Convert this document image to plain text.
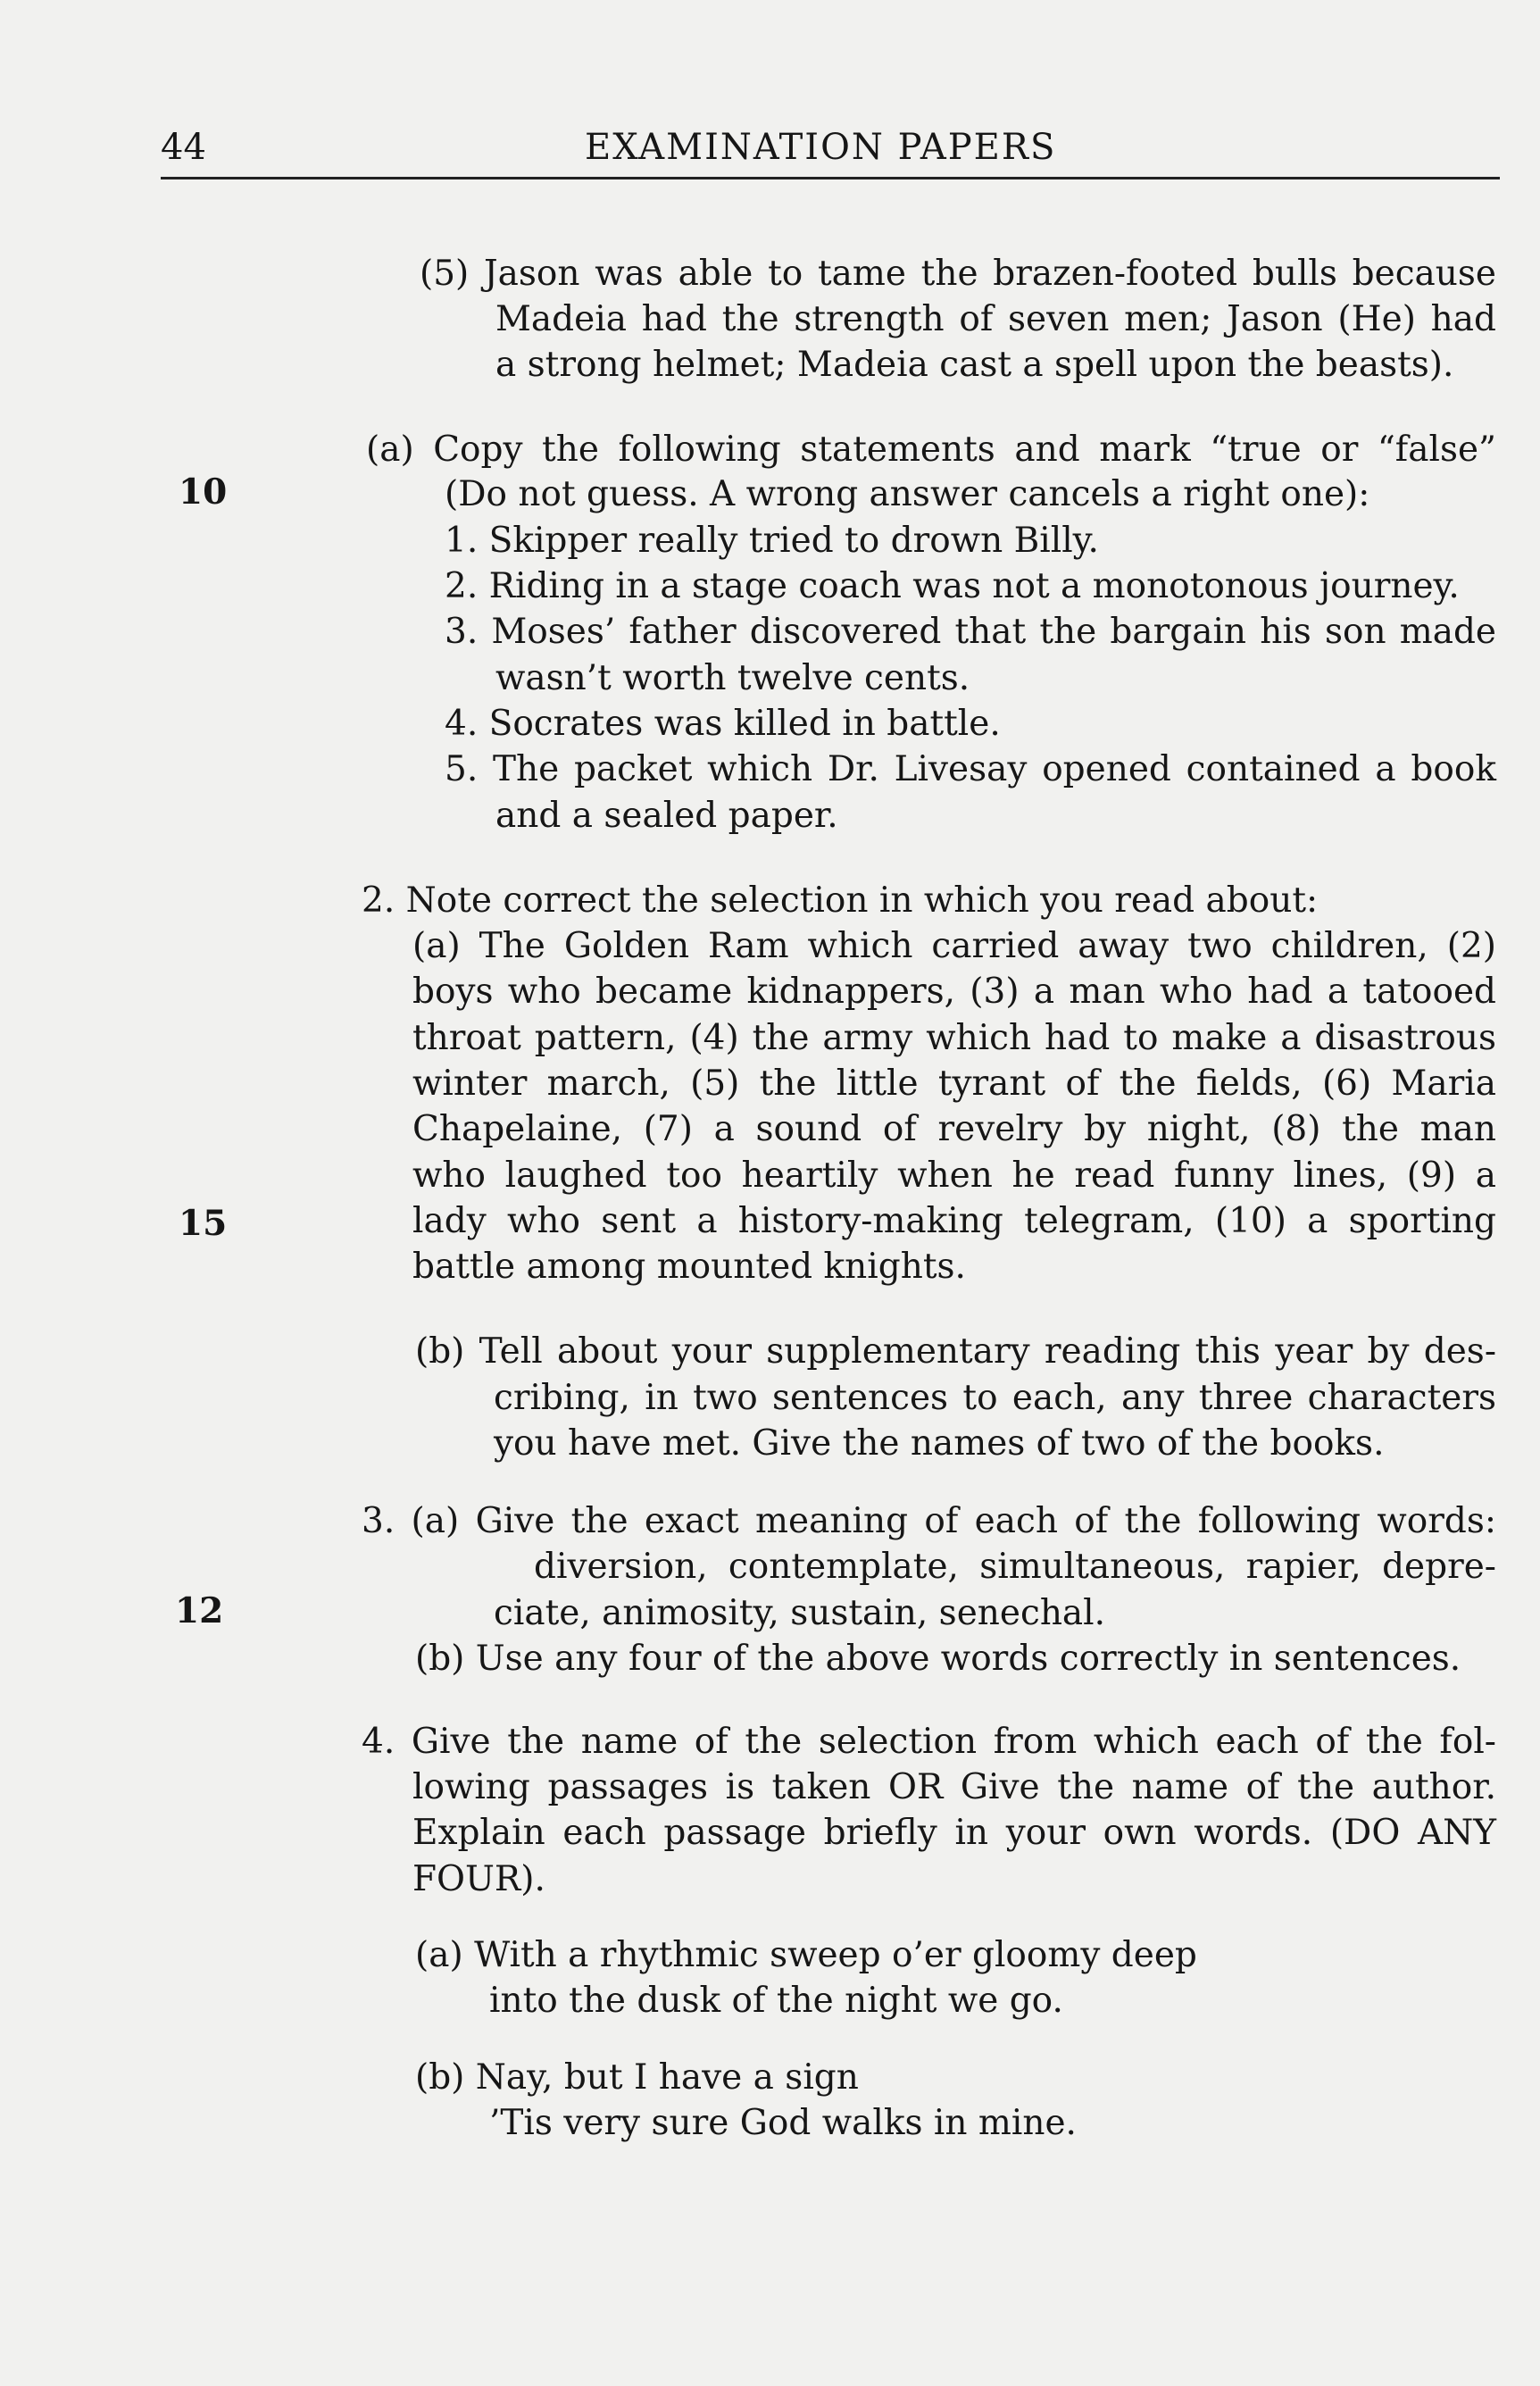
44	EXAMINATION PAPERS
10
15
12
(5) Jason was able to tame the brazen-footed bulls because
Madeia had the strength of seven men; Jason (He) had
a strong helmet; Madeia cast a spell upon the beasts).
(a) Copy the following statements and mark “true or “false”
(Do not guess. A wrong answer cancels a right one):
1. Skipper really tried to drown Billy.
2. Riding in a stage coach was not a monotonous journey.
3. Moses’ father discovered that the bargain his son made
wasn’t worth twelve cents.
4. Socrates was killed in battle.
5. The packet which Dr. Livesay opened contained a book
and a sealed paper.
2. Note correct the selection in which you read about:
(a) The Golden Ram which carried away two children, (2)
boys who became kidnappers, (3) a man who had a tatooed
throat pattern, (4) the army which had to make a disastrous
winter march, (5) the little tyrant of the fields, (6) Maria
Chapelaine, (7) a sound of revelry by night, (8) the man
who laughed too heartily when he read funny lines, (9) a
lady who sent a history-making telegram, (10) a sporting
battle among mounted knights.
(b) Tell about your supplementary reading this year by des-
cribing, in two sentences to each, any three characters
you have met. Give the names of two of the books.
3. (a) Give the exact meaning of each of the following words:
diversion, contemplate, simultaneous, rapier, depre-
ciate, animosity, sustain, senechal.
(b) Use any four of the above words correctly in sentences.
4. Give the name of the selection from which each of the fol-
lowing passages is taken OR Give the name of the author.
Explain each passage briefly in your own words. (DO ANY
FOUR).
(a) With a rhythmic sweep o’er gloomy deep
into the dusk of the night we go.
(b) Nay, but I have a sign
’Tis very sure God walks in mine.
